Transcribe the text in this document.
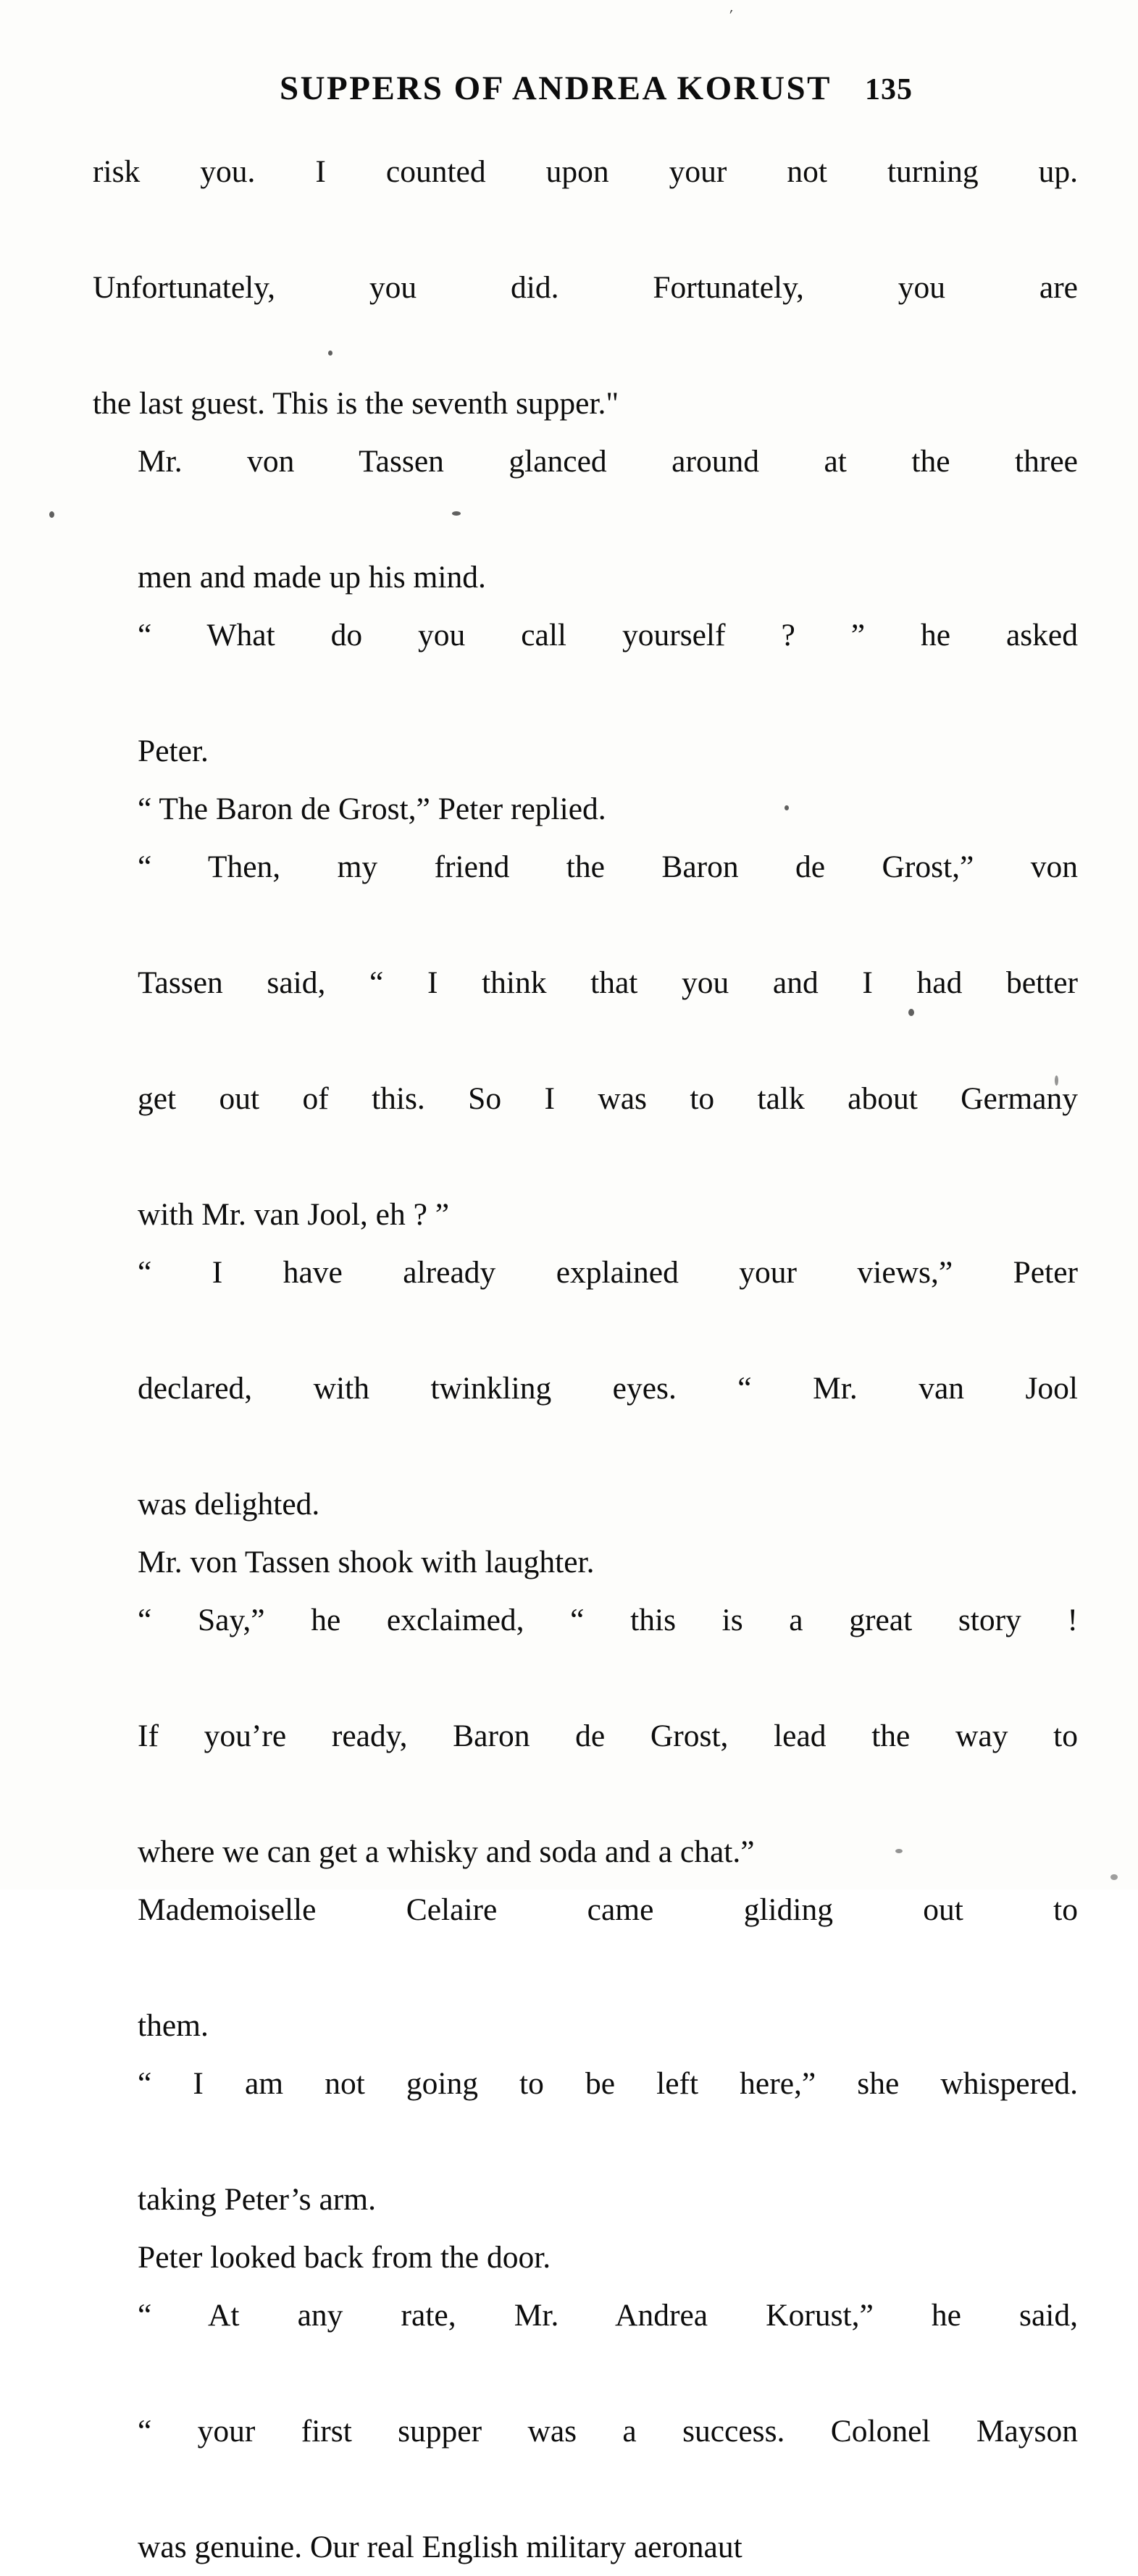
ʹ
SUPPERS OF ANDREA KORUST 135

risk you. I counted upon your not turning up.
Unfortunately, you did. Fortunately, you are
the last guest. This is the seventh supper."

Mr. von Tassen glanced around at the three
men and made up his mind.

“ What do you call yourself ? ” he asked
Peter.

“ The Baron de Grost,” Peter replied.

“ Then, my friend the Baron de Grost,” von
Tassen said, “ I think that you and I had better
get out of this. So I was to talk about Germany
with Mr. van Jool, eh ? ”

“ I have already explained your views,” Peter
declared, with twinkling eyes. “ Mr. van Jool
was delighted.

Mr. von Tassen shook with laughter.

“ Say,” he exclaimed, “ this is a great story !
If you’re ready, Baron de Grost, lead the way to
where we can get a whisky and soda and a chat.”

Mademoiselle Celaire came gliding out to
them.

“ I am not going to be left here,” she whispered.
taking Peter’s arm.

Peter looked back from the door.

“ At any rate, Mr. Andrea Korust,” he said,
“ your first supper was a success. Colonel Mayson
was genuine. Our real English military aeronaut
